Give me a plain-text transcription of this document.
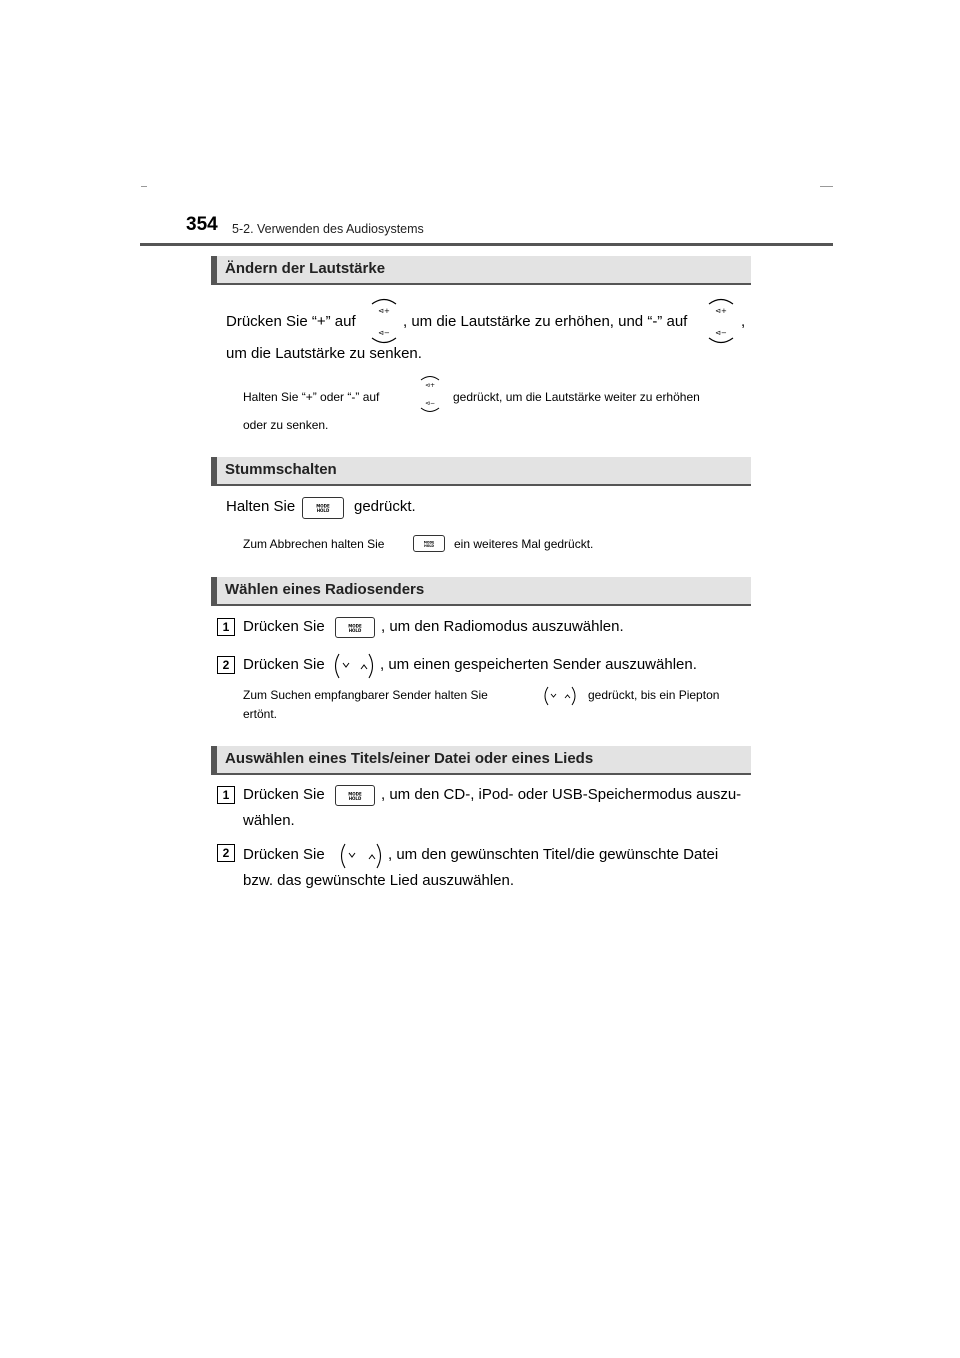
354 5-2. Verwenden des Audiosystems
Ändern der Lautstärke
Drücken Sie “+” auf
⊲+
⊲−
, um die Lautstärke zu erhöhen, und “-” auf
⊲+
⊲−
,
um die Lautstärke zu senken.
Halten Sie “+” oder “-” auf
⊲+
⊲− gedrückt, um die Lautstärke weiter zu erhöhen
oder zu senken.
Stummschalten
Halten Sie	MODE
HOLD gedrückt.
Zum Abbrechen halten Sie	MODE
HOLD ein weiteres Mal gedrückt.
Wählen eines Radiosenders
1 Drücken Sie	MODE
HOLD , um den Radiomodus auszuwählen.
2 Drücken Sie	, um einen gespeicherten Sender auszuwählen.
Zum Suchen empfangbarer Sender halten Sie	gedrückt, bis ein Piepton
ertönt.
Auswählen eines Titels/einer Datei oder eines Lieds
1 Drücken Sie	MODE
HOLD , um den CD-, iPod- oder USB-Speichermodus auszu-
wählen.
2 Drücken Sie	, um den gewünschten Titel/die gewünschte Datei
bzw. das gewünschte Lied auszuwählen.
